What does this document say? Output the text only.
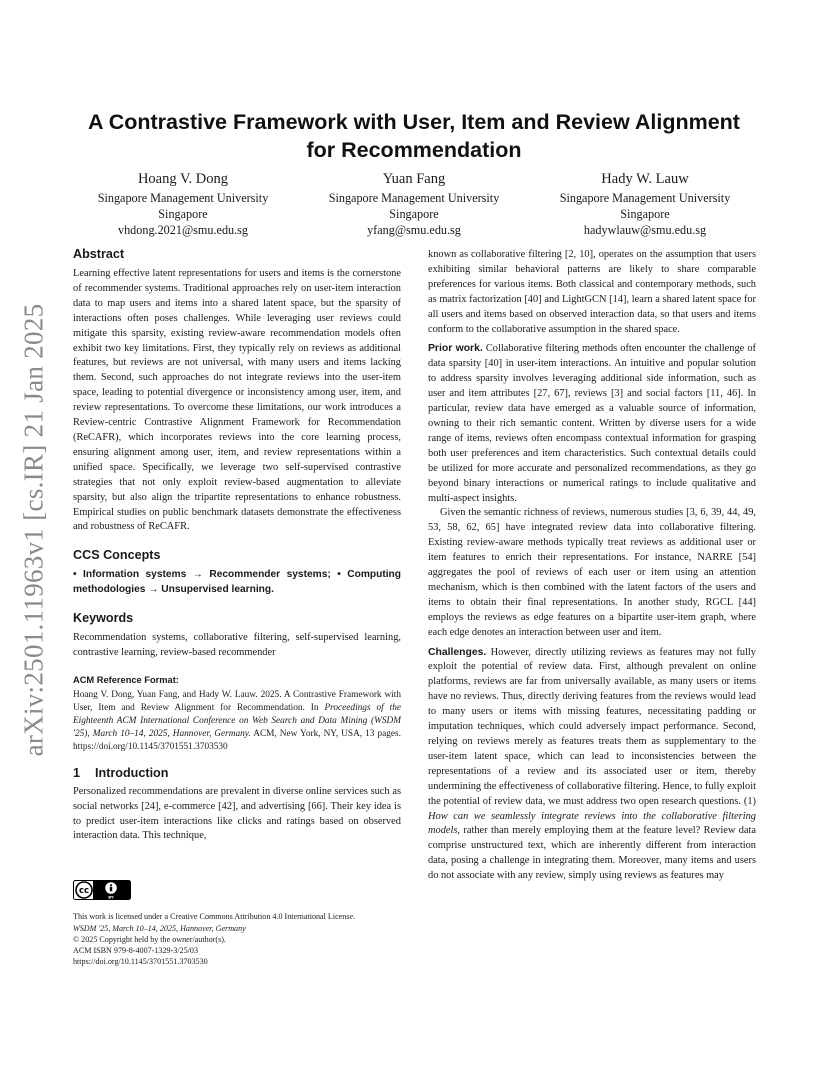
arXiv:2501.11963v1 [cs.IR] 21 Jan 2025
A Contrastive Framework with User, Item and Review Alignment
for Recommendation
Hoang V. Dong
Singapore Management University
Singapore
vhdong.2021@smu.edu.sg
Yuan Fang
Singapore Management University
Singapore
yfang@smu.edu.sg
Hady W. Lauw
Singapore Management University
Singapore
hadywlauw@smu.edu.sg
Abstract

Learning effective latent representations for users and items is the cornerstone of recommender systems. Traditional approaches rely on user-item interaction data to map users and items into a shared latent space, but the sparsity of interactions often poses challenges. While leveraging user reviews could mitigate this sparsity, existing review-aware recommendation models often exhibit two key limitations. First, they typically rely on reviews as additional features, but reviews are not universal, with many users and items lacking them. Second, such approaches do not integrate reviews into the user-item space, leading to potential divergence or inconsistency among user, item, and review representations. To overcome these limitations, our work introduces a Review-centric Contrastive Alignment Framework for Recommendation (ReCAFR), which incorporates reviews into the core learning process, ensuring alignment among user, item, and review representations within a unified space. Specifically, we leverage two self-supervised contrastive strategies that not only exploit review-based augmentation to alleviate sparsity, but also align the tripartite representations to enhance robustness. Empirical studies on public benchmark datasets demonstrate the effectiveness and robustness of ReCAFR.

CCS Concepts

• Information systems → Recommender systems; • Computing methodologies → Unsupervised learning.

Keywords

Recommendation systems, collaborative filtering, self-supervised learning, contrastive learning, review-based recommender

ACM Reference Format:

Hoang V. Dong, Yuan Fang, and Hady W. Lauw. 2025. A Contrastive Framework with User, Item and Review Alignment for Recommendation. In Proceedings of the Eighteenth ACM International Conference on Web Search and Data Mining (WSDM '25), March 10–14, 2025, Hannover, Germany. ACM, New York, NY, USA, 13 pages. https://doi.org/10.1145/3701551.3703530

1 Introduction

Personalized recommendations are prevalent in diverse online services such as social networks [24], e-commerce [42], and advertising [66]. Their key idea is to predict user-item interactions like clicks and ratings based on observed interaction data. This technique,

cc
BY
This work is licensed under a Creative Commons Attribution 4.0 International License.
WSDM '25, March 10–14, 2025, Hannover, Germany
© 2025 Copyright held by the owner/author(s).
ACM ISBN 979-8-4007-1329-3/25/03
https://doi.org/10.1145/3701551.3703530

known as collaborative filtering [2, 10], operates on the assumption that users exhibiting similar behavioral patterns are likely to share comparable preferences for various items. Both classical and contemporary methods, such as matrix factorization [40] and LightGCN [14], learn a shared latent space for all users and items based on observed interaction data, so that users and items conform to the collaborative assumption in the shared space.

Prior work. Collaborative filtering methods often encounter the challenge of data sparsity [40] in user-item interactions. An intuitive and popular solution to address sparsity involves leveraging additional side information, such as user and item attributes [27, 67], reviews [3] and social factors [11, 46]. In particular, review data have emerged as a valuable source of information, owning to their rich semantic content. Written by diverse users for a wide range of items, reviews often encompass contextual information for grasping both user preferences and item characteristics. Such contextual details could be utilized for more accurate and personalized recommendations, as they go beyond binary interactions or numerical ratings to include qualitative and multi-aspect insights.

Given the semantic richness of reviews, numerous studies [3, 6, 39, 44, 49, 53, 58, 62, 65] have integrated review data into collaborative filtering. Existing review-aware methods typically treat reviews as additional user or item features to enrich their representations. For instance, NARRE [54] aggregates the pool of reviews of each user or item using an attention mechanism, which is then combined with the latent factors of the users and items to obtain their final representations. In another study, RGCL [44] employs the reviews as edge features on a bipartite user-item graph, where each edge denotes an interaction between user and item.

Challenges. However, directly utilizing reviews as features may not fully exploit the potential of review data. First, although prevalent on online platforms, reviews are far from universally available, as many users or items have no reviews. Thus, directly deriving features from the reviews would lead to many users or items with missing features, necessitating padding or imputation techniques, which could adversely impact performance. Second, relying on reviews merely as features treats them as supplementary to the user-item latent space, which can lead to inconsistencies between the representations of a review and its associated user or item, thereby undermining the effectiveness of collaborative filtering. Hence, to fully exploit the potential of review data, we must address two open research questions. (1) How can we seamlessly integrate reviews into the collaborative filtering models, rather than merely employing them at the feature level? Review data comprise unstructured text, which are inherently different from interaction data, posing a challenge in integrating them. Moreover, many items and users do not associate with any review, simply using reviews as features may
